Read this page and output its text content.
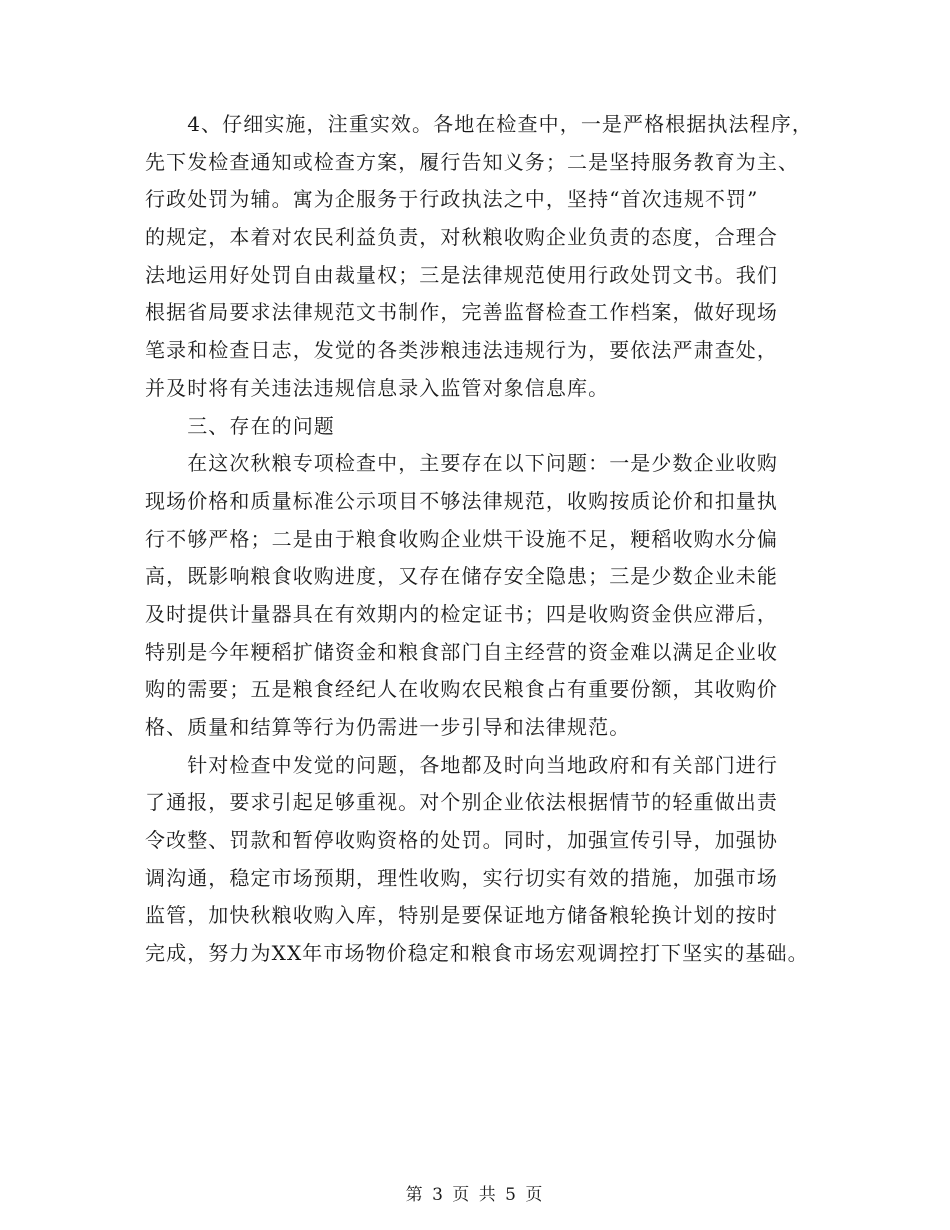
　　4、仔细实施，注重实效。各地在检查中，一是严格根据执法程序，
先下发检查通知或检查方案，履行告知义务；二是坚持服务教育为主、
行政处罚为辅。寓为企服务于行政执法之中，坚持“首次违规不罚”
的规定，本着对农民利益负责，对秋粮收购企业负责的态度，合理合
法地运用好处罚自由裁量权；三是法律规范使用行政处罚文书。我们
根据省局要求法律规范文书制作，完善监督检查工作档案，做好现场
笔录和检查日志，发觉的各类涉粮违法违规行为，要依法严肃查处，
并及时将有关违法违规信息录入监管对象信息库。
　　三、存在的问题
　　在这次秋粮专项检查中，主要存在以下问题：一是少数企业收购
现场价格和质量标准公示项目不够法律规范，收购按质论价和扣量执
行不够严格；二是由于粮食收购企业烘干设施不足，粳稻收购水分偏
高，既影响粮食收购进度，又存在储存安全隐患；三是少数企业未能
及时提供计量器具在有效期内的检定证书；四是收购资金供应滞后，
特别是今年粳稻扩储资金和粮食部门自主经营的资金难以满足企业收
购的需要；五是粮食经纪人在收购农民粮食占有重要份额，其收购价
格、质量和结算等行为仍需进一步引导和法律规范。
　　针对检查中发觉的问题，各地都及时向当地政府和有关部门进行
了通报，要求引起足够重视。对个别企业依法根据情节的轻重做出责
令改整、罚款和暂停收购资格的处罚。同时，加强宣传引导，加强协
调沟通，稳定市场预期，理性收购，实行切实有效的措施，加强市场
监管，加快秋粮收购入库，特别是要保证地方储备粮轮换计划的按时
完成，努力为XX年市场物价稳定和粮食市场宏观调控打下坚实的基础。
第 3 页 共 5 页
